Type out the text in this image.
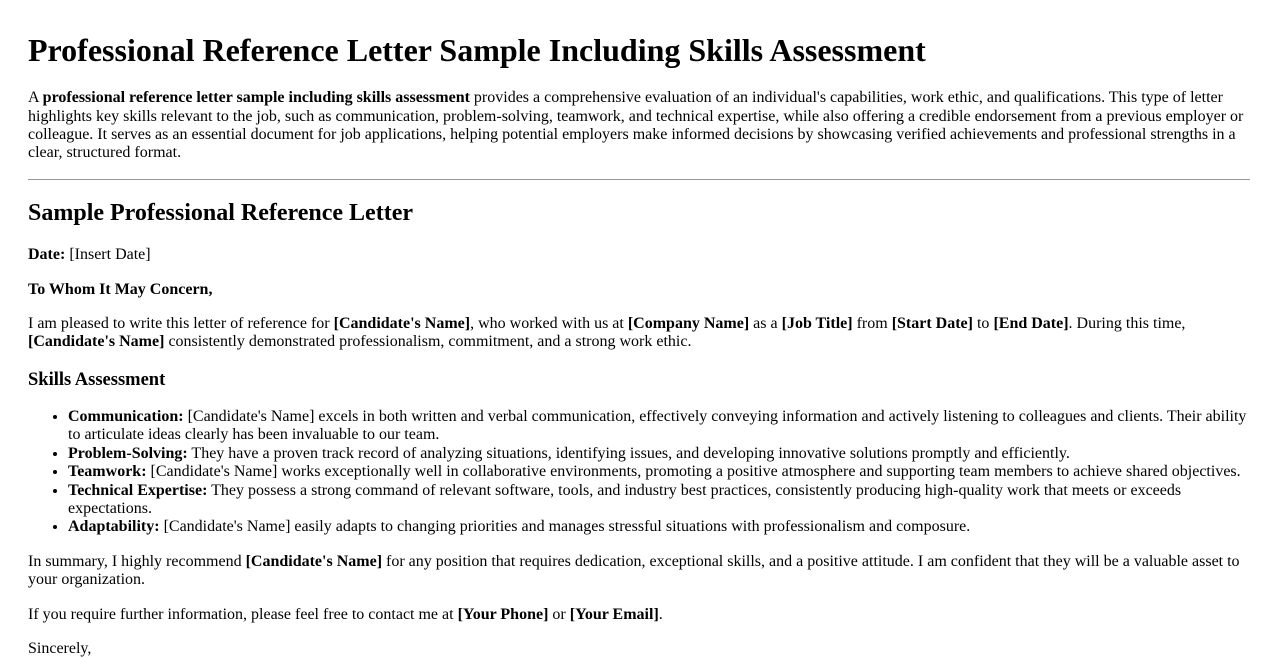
Professional Reference Letter Sample Including Skills Assessment

A professional reference letter sample including skills assessment provides a comprehensive evaluation of an individual's capabilities, work ethic, and qualifications. This type of letter highlights key skills relevant to the job, such as communication, problem-solving, teamwork, and technical expertise, while also offering a credible endorsement from a previous employer or colleague. It serves as an essential document for job applications, helping potential employers make informed decisions by showcasing verified achievements and professional strengths in a clear, structured format.

Sample Professional Reference Letter

Date: [Insert Date]

To Whom It May Concern,

I am pleased to write this letter of reference for [Candidate's Name], who worked with us at [Company Name] as a [Job Title] from [Start Date] to [End Date]. During this time, [Candidate's Name] consistently demonstrated professionalism, commitment, and a strong work ethic.

Skills Assessment
• Communication: [Candidate's Name] excels in both written and verbal communication, effectively conveying information and actively listening to colleagues and clients. Their ability to articulate ideas clearly has been invaluable to our team.
• Problem-Solving: They have a proven track record of analyzing situations, identifying issues, and developing innovative solutions promptly and efficiently.
• Teamwork: [Candidate's Name] works exceptionally well in collaborative environments, promoting a positive atmosphere and supporting team members to achieve shared objectives.
• Technical Expertise: They possess a strong command of relevant software, tools, and industry best practices, consistently producing high-quality work that meets or exceeds expectations.
• Adaptability: [Candidate's Name] easily adapts to changing priorities and manages stressful situations with professionalism and composure.

In summary, I highly recommend [Candidate's Name] for any position that requires dedication, exceptional skills, and a positive attitude. I am confident that they will be a valuable asset to your organization.

If you require further information, please feel free to contact me at [Your Phone] or [Your Email].

Sincerely,
